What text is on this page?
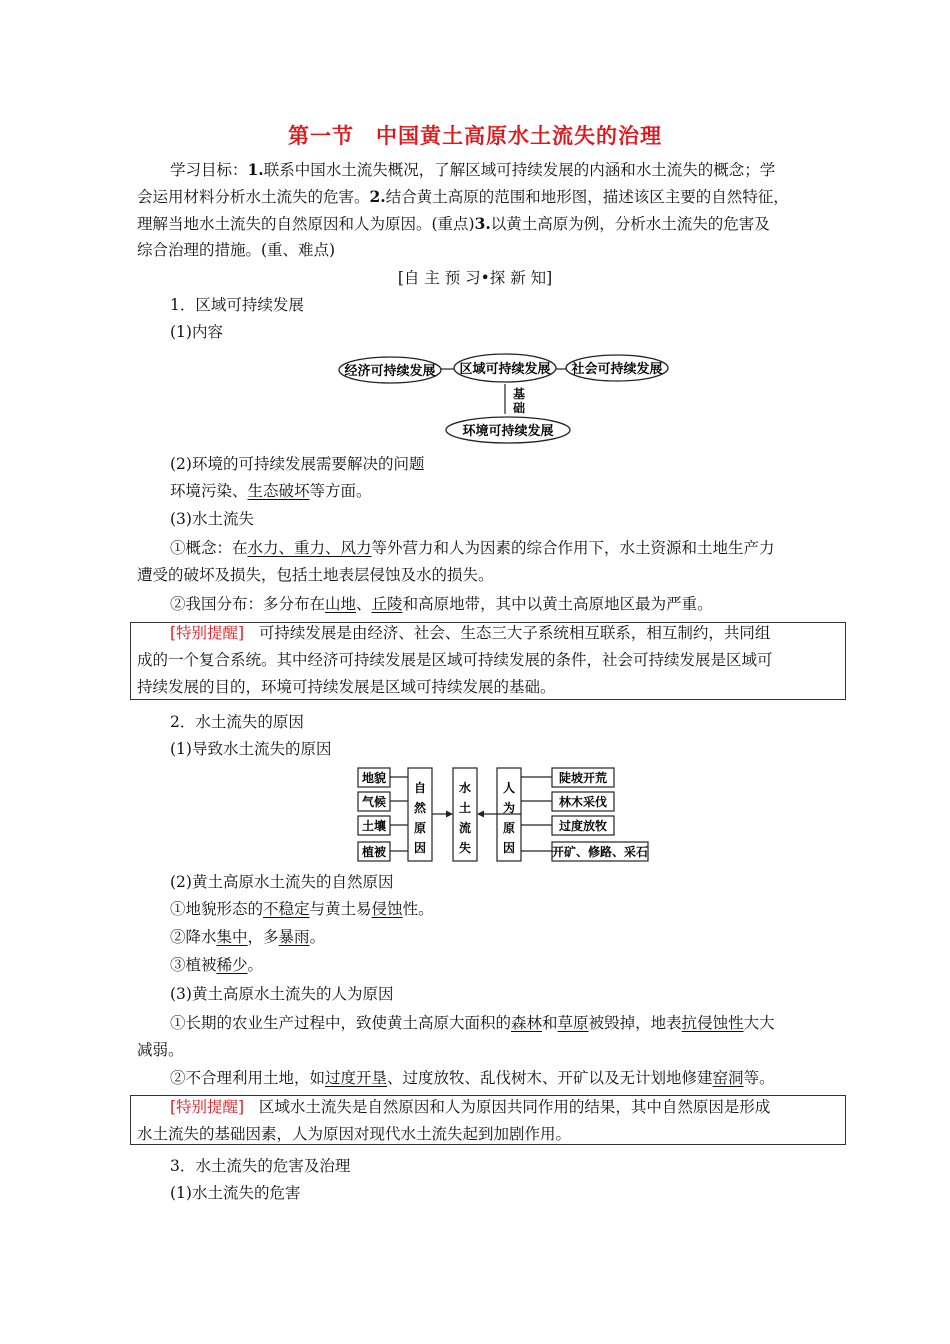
第一节　中国黄土高原水土流失的治理
学习目标：1.联系中国水土流失概况，了解区域可持续发展的内涵和水土流失的概念；学
会运用材料分析水土流失的危害。2.结合黄土高原的范围和地形图，描述该区主要的自然特征，
理解当地水土流失的自然原因和人为原因。(重点)3.以黄土高原为例，分析水土流失的危害及
综合治理的措施。(重、难点)
[自 主 预 习•探 新 知]
1．区域可持续发展
(1)内容
经济可持续发展 区域可持续发展 社会可持续发展
基
础
环境可持续发展
(2)环境的可持续发展需要解决的问题
环境污染、生态破坏等方面。
(3)水土流失
①概念：在水力、重力、风力等外营力和人为因素的综合作用下，水土资源和土地生产力
遭受的破坏及损失，包括土地表层侵蚀及水的损失。
②我国分布：多分布在山地、丘陵和高原地带，其中以黄土高原地区最为严重。
[特别提醒] 可持续发展是由经济、社会、生态三大子系统相互联系，相互制约，共同组
成的一个复合系统。其中经济可持续发展是区域可持续发展的条件，社会可持续发展是区域可
持续发展的目的，环境可持续发展是区域可持续发展的基础。
2．水土流失的原因
(1)导致水土流失的原因
地貌
气候
土壤
植被
自
然
原
因
水
土
流
失
人
为
原
因
陡坡开荒
林木采伐
过度放牧
开矿、修路、采石
(2)黄土高原水土流失的自然原因
①地貌形态的不稳定与黄土易侵蚀性。
②降水集中，多暴雨。
③植被稀少。
(3)黄土高原水土流失的人为原因
①长期的农业生产过程中，致使黄土高原大面积的森林和草原被毁掉，地表抗侵蚀性大大
减弱。
②不合理利用土地，如过度开垦、过度放牧、乱伐树木、开矿以及无计划地修建窑洞等。
[特别提醒] 区域水土流失是自然原因和人为原因共同作用的结果，其中自然原因是形成
水土流失的基础因素，人为原因对现代水土流失起到加剧作用。
3．水土流失的危害及治理
(1)水土流失的危害
